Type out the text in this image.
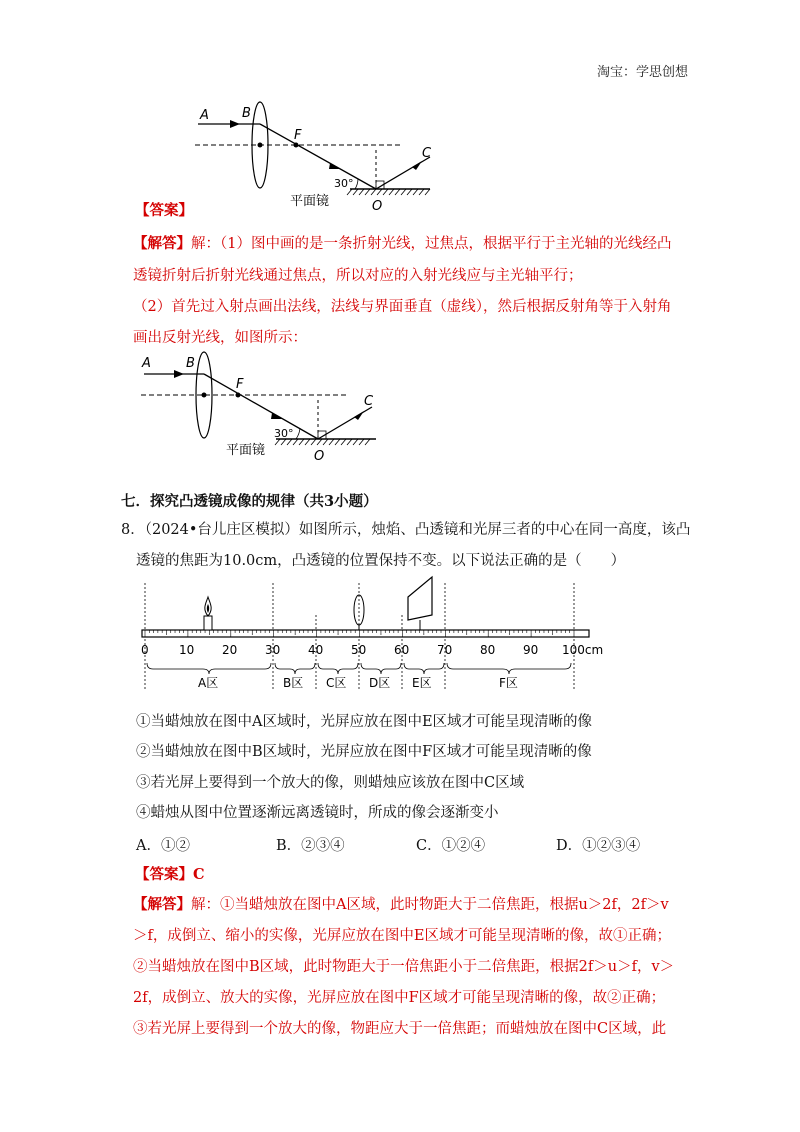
淘宝：学思创想
A	B
F
C
O
30°
平面镜
【答案】
【解答】解：（1）图中画的是一条折射光线，过焦点，根据平行于主光轴的光线经凸
透镜折射后折射光线通过焦点，所以对应的入射光线应与主光轴平行；
（2）首先过入射点画出法线，法线与界面垂直（虚线），然后根据反射角等于入射角
画出反射光线，如图所示：
A	B
F
C
O
30°
平面镜
七．探究凸透镜成像的规律（共3小题）
8．（2024•台儿庄区模拟）如图所示，烛焰、凸透镜和光屏三者的中心在同一高度，该凸
透镜的焦距为10.0cm，凸透镜的位置保持不变。以下说法正确的是（　　）
0	10 20 30 40 50 60 70 80 90 100cm
A区	B区 C区 D区 E区	F区
①当蜡烛放在图中A区域时，光屏应放在图中E区域才可能呈现清晰的像
②当蜡烛放在图中B区域时，光屏应放在图中F区域才可能呈现清晰的像
③若光屏上要得到一个放大的像，则蜡烛应该放在图中C区域
④蜡烛从图中位置逐渐远离透镜时，所成的像会逐渐变小
A．①②	B．②③④	C．①②④	D．①②③④
【答案】C
【解答】解：①当蜡烛放在图中A区域，此时物距大于二倍焦距，根据u＞2f，2f＞v
＞f，成倒立、缩小的实像，光屏应放在图中E区域才可能呈现清晰的像，故①正确；
②当蜡烛放在图中B区域，此时物距大于一倍焦距小于二倍焦距，根据2f＞u＞f，v＞
2f，成倒立、放大的实像，光屏应放在图中F区域才可能呈现清晰的像，故②正确；
③若光屏上要得到一个放大的像，物距应大于一倍焦距；而蜡烛放在图中C区域，此
